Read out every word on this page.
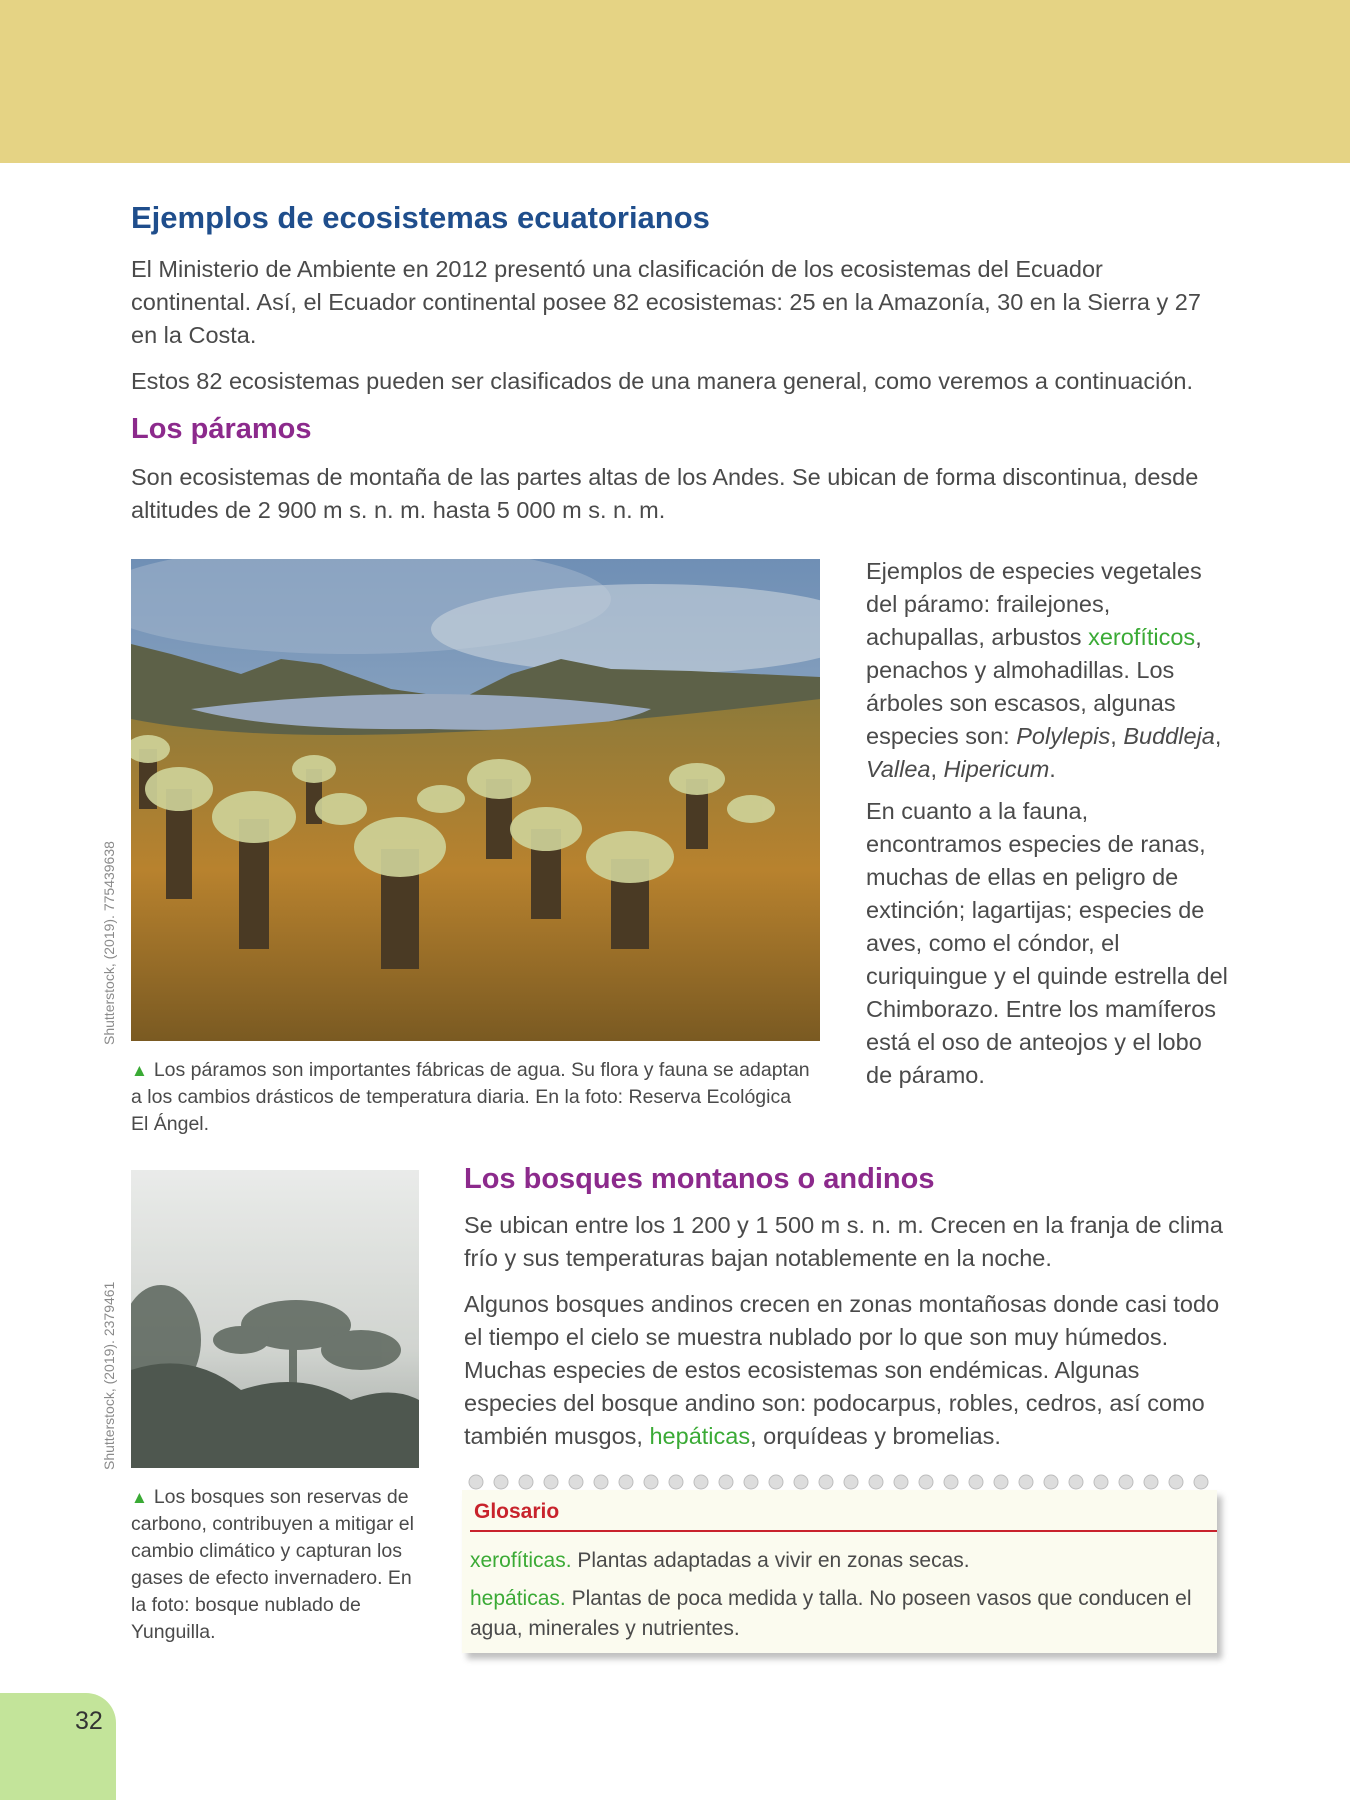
Ejemplos de ecosistemas ecuatorianos

El Ministerio de Ambiente en 2012 presentó una clasificación de los ecosistemas del Ecuador continental. Así, el Ecuador continental posee 82 ecosistemas: 25 en la Amazonía, 30 en la Sierra y 27 en la Costa.

Estos 82 ecosistemas pueden ser clasificados de una manera general, como veremos a continuación.

Los páramos

Son ecosistemas de montaña de las partes altas de los Andes. Se ubican de forma discontinua, desde altitudes de 2 900 m s. n. m. hasta 5 000 m s. n. m.

Shutterstock, (2019). 775439638

▲ Los páramos son importantes fábricas de agua. Su flora y fauna se adaptan a los cambios drásticos de temperatura diaria. En la foto: Reserva Ecológica El Ángel.

Ejemplos de especies vegetales del páramo: frailejones, achupallas, arbustos xerofíticos, penachos y almohadillas. Los árboles son escasos, algunas especies son: Polylepis, Buddleja, Vallea, Hipericum.

En cuanto a la fauna, encontramos especies de ranas, muchas de ellas en peligro de extinción; lagartijas; especies de aves, como el cóndor, el curiquingue y el quinde estrella del Chimborazo. Entre los mamíferos está el oso de anteojos y el lobo de páramo.

Shutterstock, (2019). 2379461

▲ Los bosques son reservas de carbono, contribuyen a mitigar el cambio climático y capturan los gases de efecto invernadero. En la foto: bosque nublado de Yunguilla.

Los bosques montanos o andinos

Se ubican entre los 1 200 y 1 500 m s. n. m. Crecen en la franja de clima frío y sus temperaturas bajan notablemente en la noche.

Algunos bosques andinos crecen en zonas montañosas donde casi todo el tiempo el cielo se muestra nublado por lo que son muy húmedos. Muchas especies de estos ecosistemas son endémicas. Algunas especies del bosque andino son: podocarpus, robles, cedros, así como también musgos, hepáticas, orquídeas y bromelias.

Glosario

xerofíticas. Plantas adaptadas a vivir en zonas secas.

hepáticas. Plantas de poca medida y talla. No poseen vasos que conducen el agua, minerales y nutrientes.

32
